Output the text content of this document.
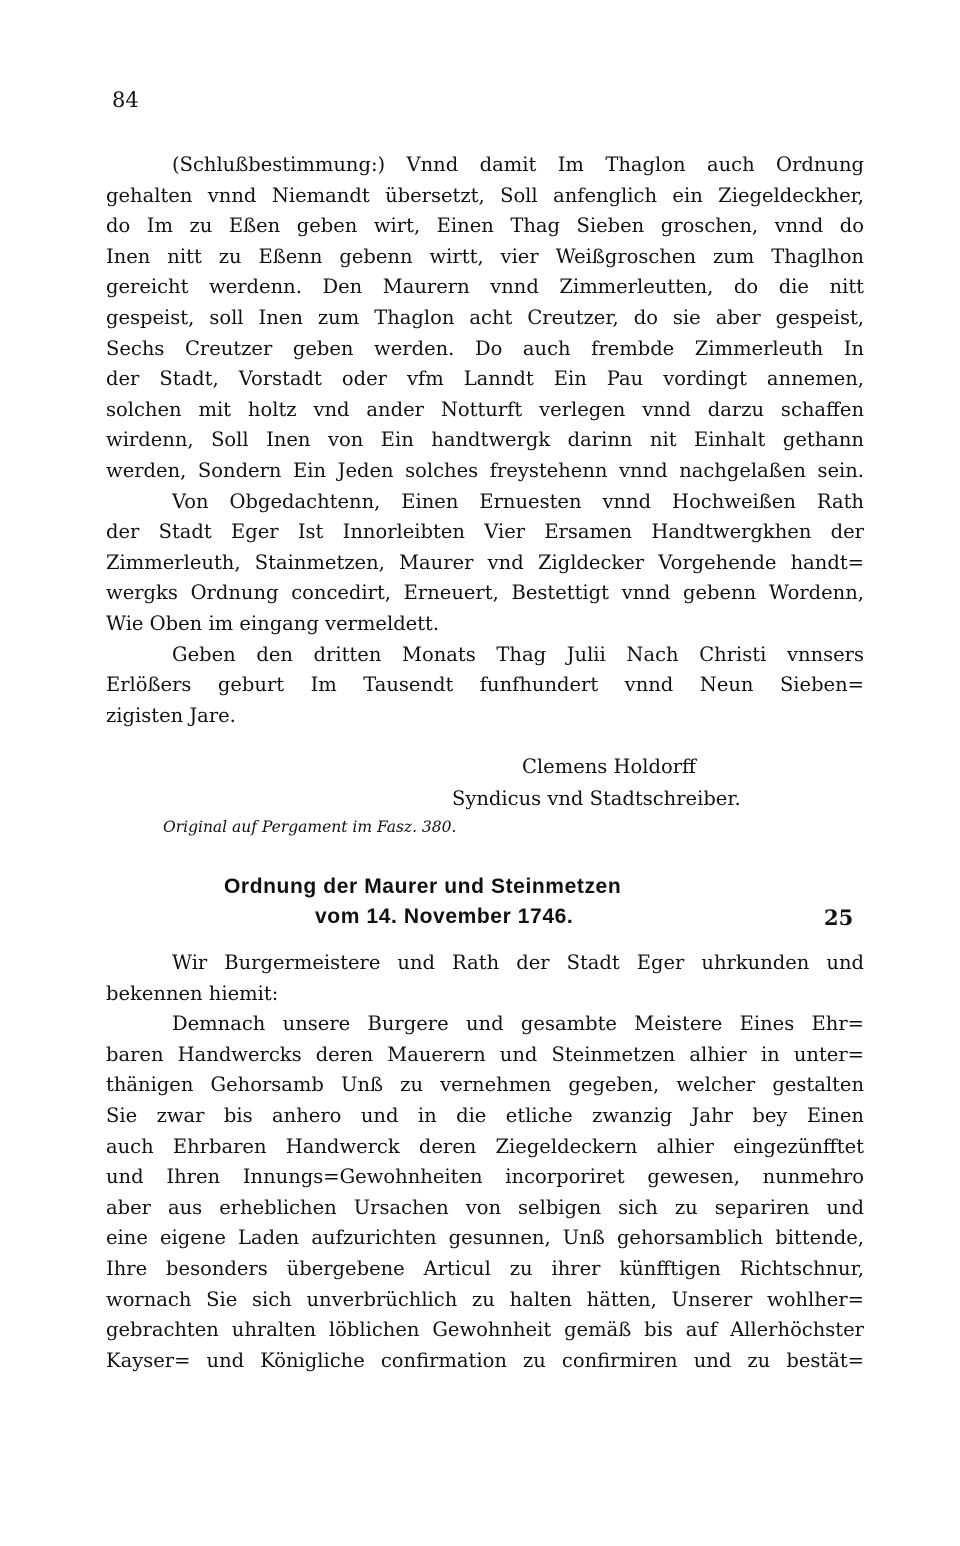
84
(Schlußbestimmung:) Vnnd damit Im Thaglon auch Ordnung
gehalten vnnd Niemandt übersetzt, Soll anfenglich ein Ziegeldeckher,
do Im zu Eßen geben wirt, Einen Thag Sieben groschen, vnnd do
Inen nitt zu Eßenn gebenn wirtt, vier Weißgroschen zum Thaglhon
gereicht werdenn. Den Maurern vnnd Zimmerleutten, do die nitt
gespeist, soll Inen zum Thaglon acht Creutzer, do sie aber gespeist,
Sechs Creutzer geben werden. Do auch frembde Zimmerleuth In
der Stadt, Vorstadt oder vfm Lanndt Ein Pau vordingt annemen,
solchen mit holtz vnd ander Notturft verlegen vnnd darzu schaffen
wirdenn, Soll Inen von Ein handtwergk darinn nit Einhalt gethann
werden, Sondern Ein Jeden solches freystehenn vnnd nachgelaßen sein.
Von Obgedachtenn, Einen Ernuesten vnnd Hochweißen Rath
der Stadt Eger Ist Innorleibten Vier Ersamen Handtwergkhen der
Zimmerleuth, Stainmetzen, Maurer vnd Zigldecker Vorgehende handt=
wergks Ordnung concedirt, Erneuert, Bestettigt vnnd gebenn Wordenn,
Wie Oben im eingang vermeldett.
Geben den dritten Monats Thag Julii Nach Christi vnnsers
Erlößers geburt Im Tausendt funfhundert vnnd Neun Sieben=
zigisten Jare.
Clemens Holdorff
Syndicus vnd Stadtschreiber.
Original auf Pergament im Fasz. 380.
Ordnung der Maurer und Steinmetzen
vom 14. November 1746.	25
Wir Burgermeistere und Rath der Stadt Eger uhrkunden und
bekennen hiemit:
Demnach unsere Burgere und gesambte Meistere Eines Ehr=
baren Handwercks deren Mauerern und Steinmetzen alhier in unter=
thänigen Gehorsamb Unß zu vernehmen gegeben, welcher gestalten
Sie zwar bis anhero und in die etliche zwanzig Jahr bey Einen
auch Ehrbaren Handwerck deren Ziegeldeckern alhier eingezünfftet
und Ihren Innungs=Gewohnheiten incorporiret gewesen, nunmehro
aber aus erheblichen Ursachen von selbigen sich zu separiren und
eine eigene Laden aufzurichten gesunnen, Unß gehorsamblich bittende,
Ihre besonders übergebene Articul zu ihrer künfftigen Richtschnur,
wornach Sie sich unverbrüchlich zu halten hätten, Unserer wohlher=
gebrachten uhralten löblichen Gewohnheit gemäß bis auf Allerhöchster
Kayser= und Königliche confirmation zu confirmiren und zu bestät=
